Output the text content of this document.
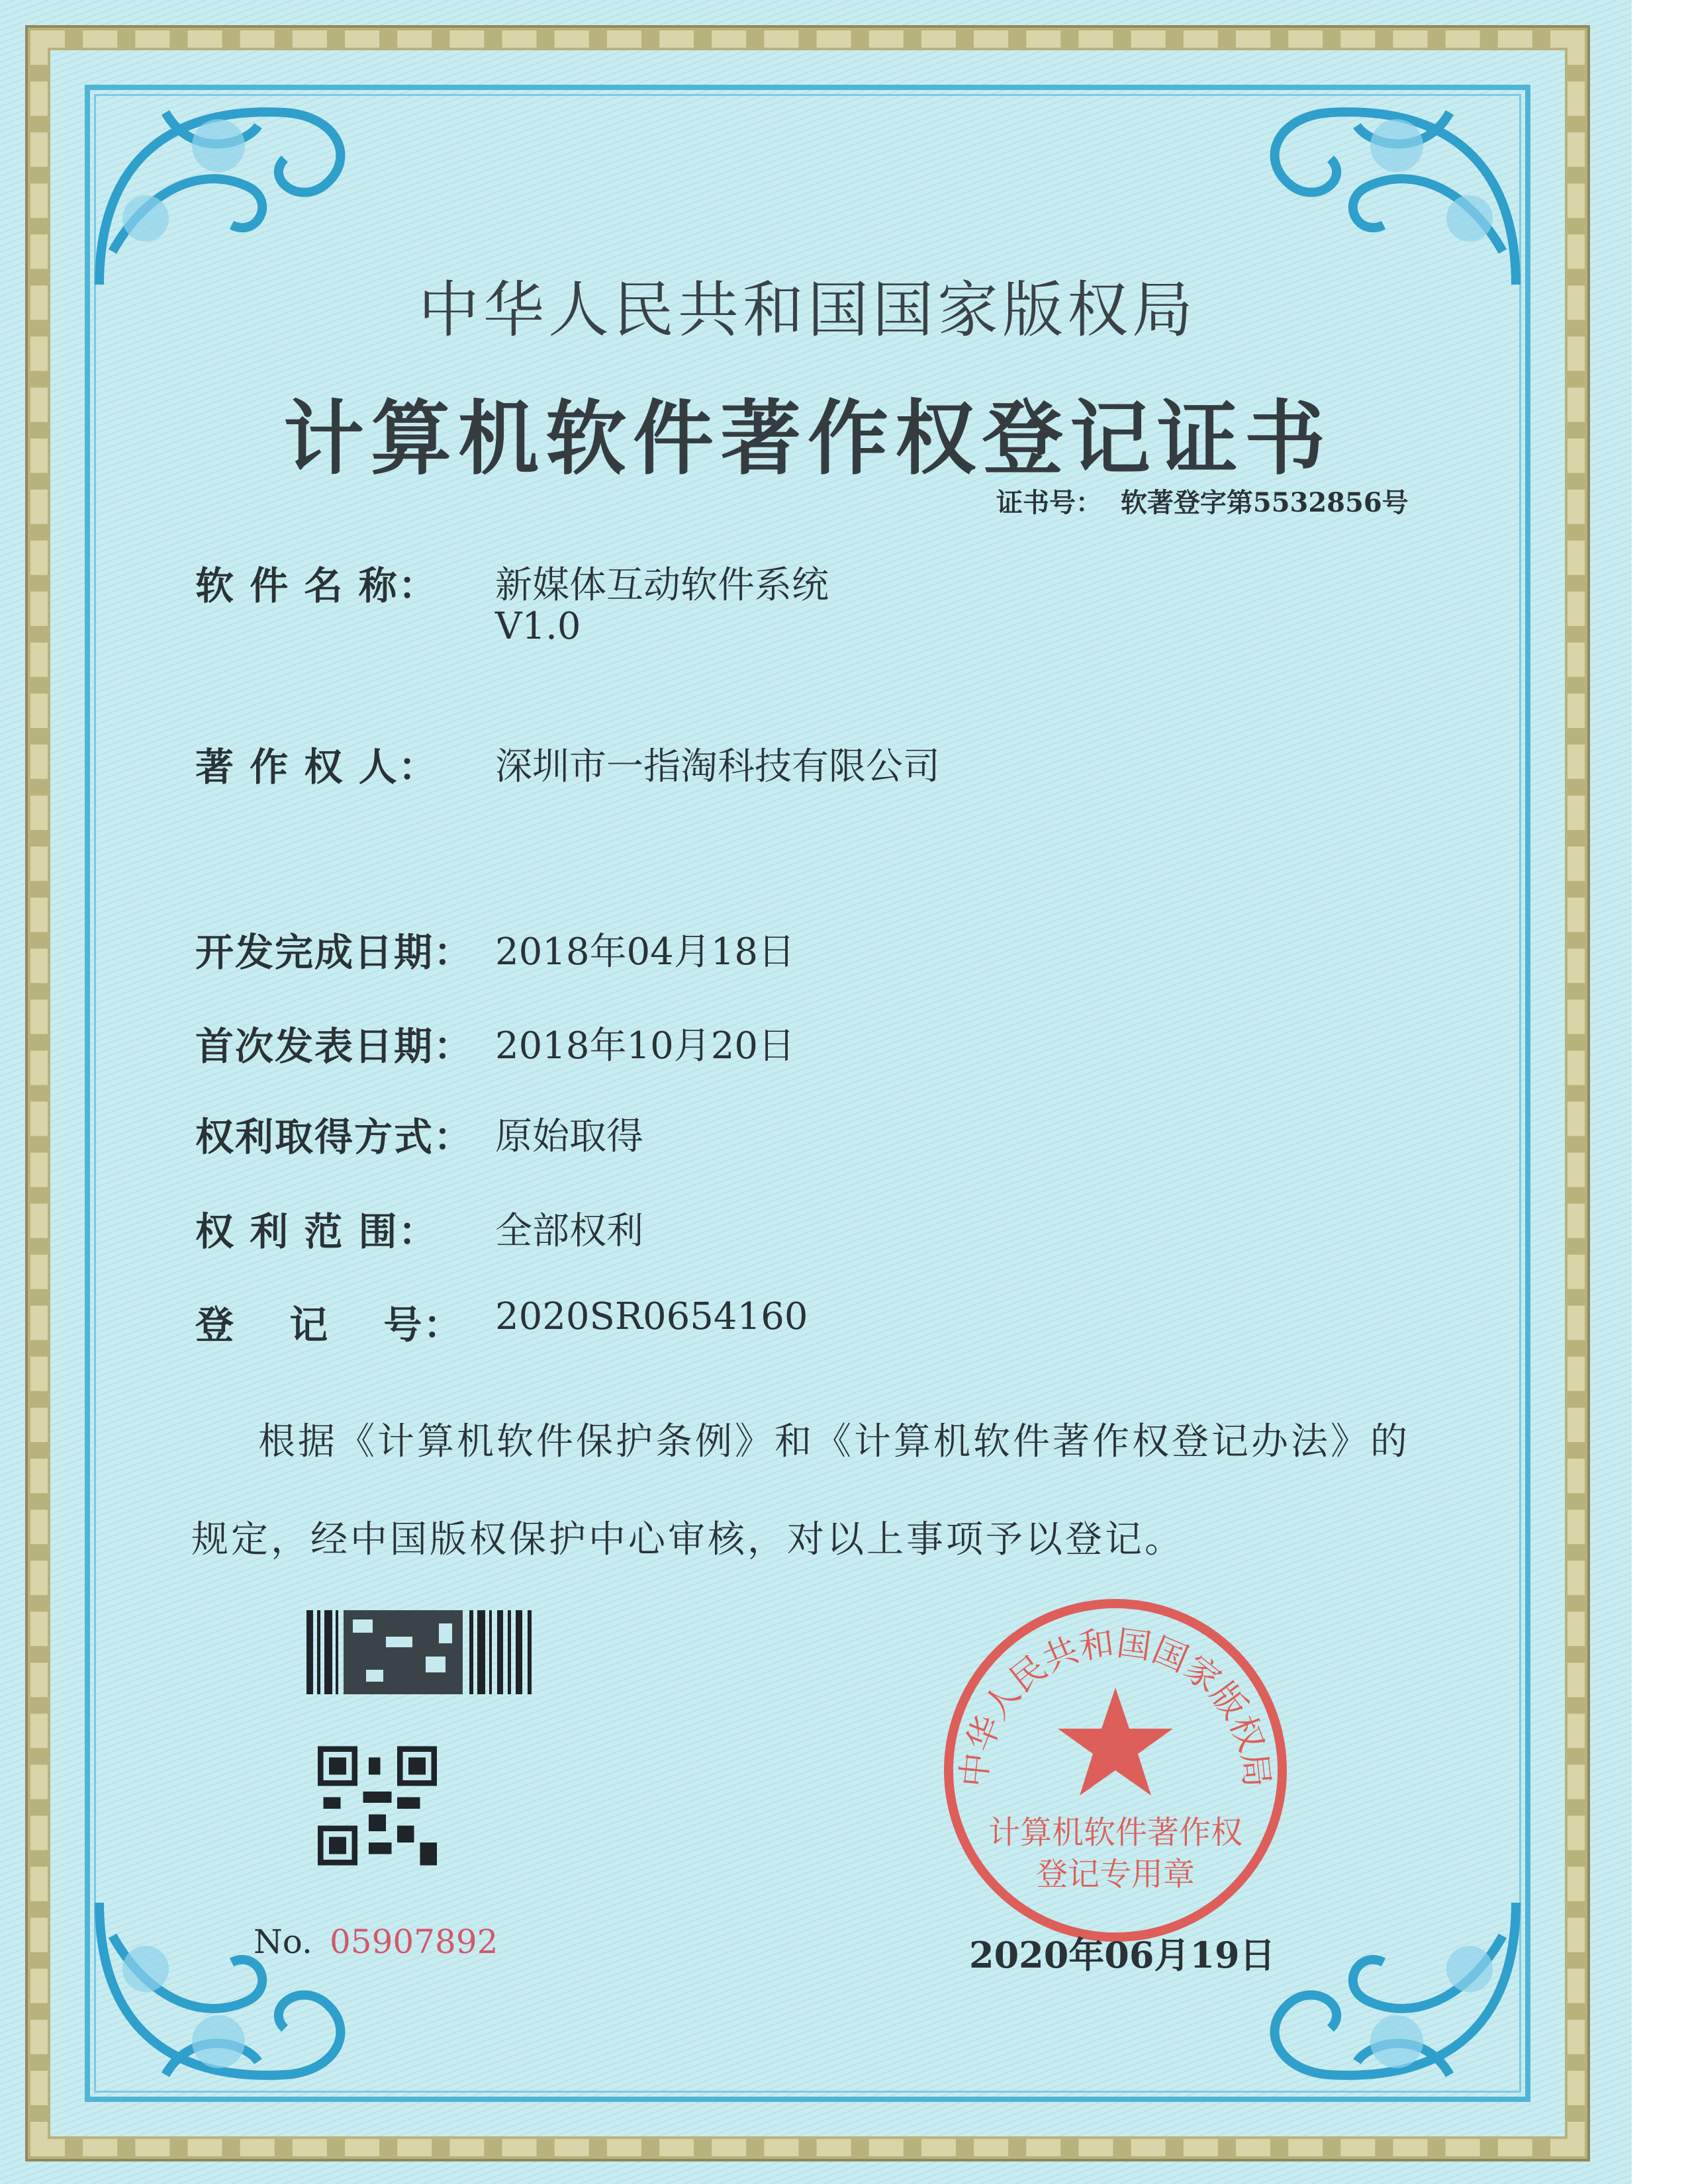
中华人民共和国国家版权局
计算机软件著作权登记证书
证书号： 软著登字第5532856号
软 件 名 称： 新媒体互动软件系统
V1.0
著 作 权 人： 深圳市一指淘科技有限公司
开发完成日期： 2018年04月18日
首次发表日期： 2018年10月20日
权利取得方式： 原始取得
权 利 范 围： 全部权利
登　 记 　号： 2020SR0654160
根据《计算机软件保护条例》和《计算机软件著作权登记办法》的
规定，经中国版权保护中心审核，对以上事项予以登记。
No. 05907892
中华人民共和国国家版权局
计算机软件著作权
登记专用章
2020年06月19日
